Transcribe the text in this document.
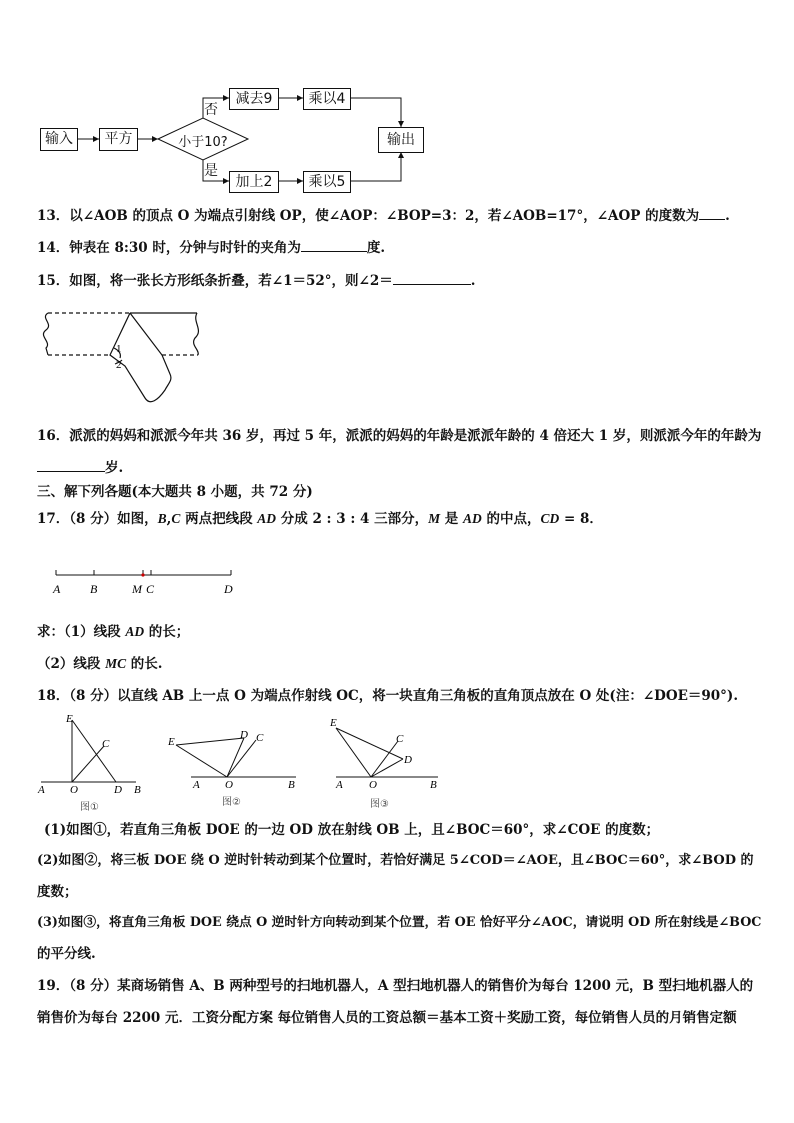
输入	平方	小于10?
否
是
减去9	乘以4
加上2	乘以5
输出
13．以∠AOB 的顶点 O 为端点引射线 OP，使∠AOP：∠BOP=3：2，若∠AOB=17°，∠AOP 的度数为 .
14．钟表在 8:30 时，分钟与时针的夹角为	度.
15．如图，将一张长方形纸条折叠，若∠1＝52°，则∠2＝	.
1
2
16．派派的妈妈和派派今年共 36 岁，再过 5 年，派派的妈妈的年龄是派派年龄的 4 倍还大 1 岁，则派派今年的年龄为
岁.
三、解下列各题(本大题共 8 小题，共 72 分)
17．（8 分）如图，B,C 两点把线段 AD 分成 2 : 3 : 4 三部分，M 是 AD 的中点，CD = 8．
A B	M C	D
求：（1）线段 AD 的长；
（2）线段 MC 的长.
18．（8 分）以直线 AB 上一点 O 为端点作射线 OC，将一块直角三角板的直角顶点放在 O 处(注：∠DOE＝90°).
E
C
A O	D B
E
D C
A O	B
E
C
D
A O	B
图①	图②	图③
(1)如图①，若直角三角板 DOE 的一边 OD 放在射线 OB 上，且∠BOC＝60°，求∠COE 的度数；
(2)如图②，将三板 DOE 绕 O 逆时针转动到某个位置时，若恰好满足 5∠COD＝∠AOE，且∠BOC＝60°，求∠BOD 的
度数；
(3)如图③，将直角三角板 DOE 绕点 O 逆时针方向转动到某个位置，若 OE 恰好平分∠AOC，请说明 OD 所在射线是∠BOC
的平分线.
19．（8 分）某商场销售 A、B 两种型号的扫地机器人，A 型扫地机器人的销售价为每台 1200 元，B 型扫地机器人的
销售价为每台 2200 元．工资分配方案 每位销售人员的工资总额＝基本工资＋奖励工资，每位销售人员的月销售定额
